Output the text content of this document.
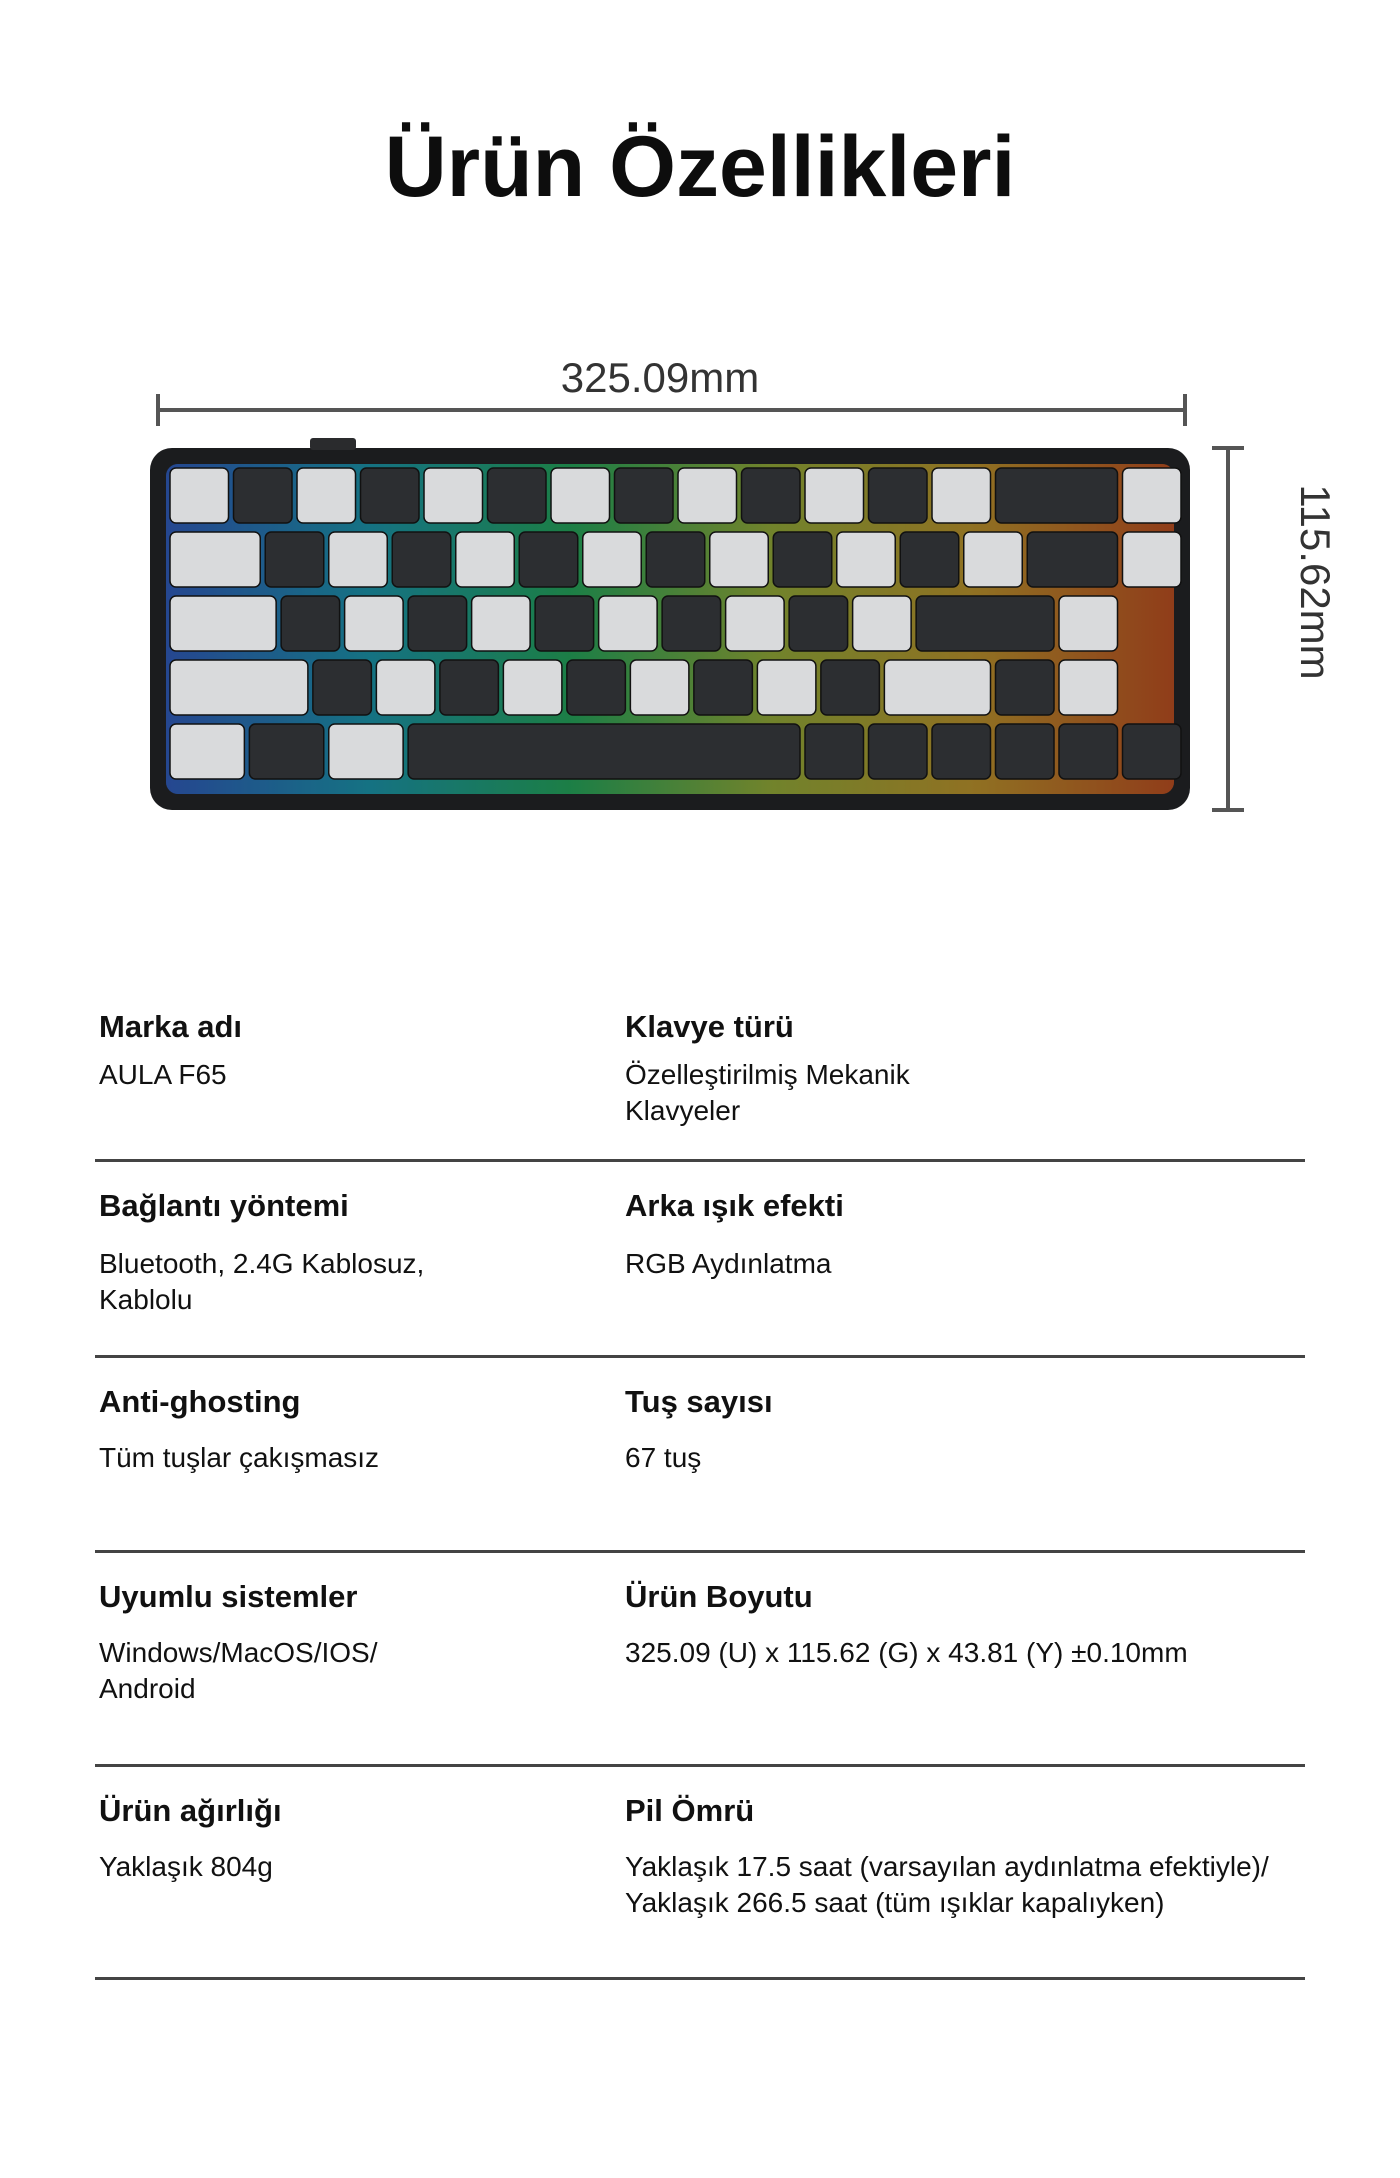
Ürün Özellikleri
325.09mm
115.62mm
Marka adı
AULA F65
Klavye türü
Özelleştirilmiş Mekanik
Klavyeler
Bağlantı yöntemi
Bluetooth, 2.4G Kablosuz,
Kablolu
Arka ışık efekti
RGB Aydınlatma
Anti-ghosting
Tüm tuşlar çakışmasız
Tuş sayısı
67 tuş
Uyumlu sistemler
Windows/MacOS/IOS/
Android
Ürün Boyutu
325.09 (U) x 115.62 (G) x 43.81 (Y) ±0.10mm
Ürün ağırlığı
Yaklaşık 804g
Pil Ömrü
Yaklaşık 17.5 saat (varsayılan aydınlatma efektiyle)/
Yaklaşık 266.5 saat (tüm ışıklar kapalıyken)
